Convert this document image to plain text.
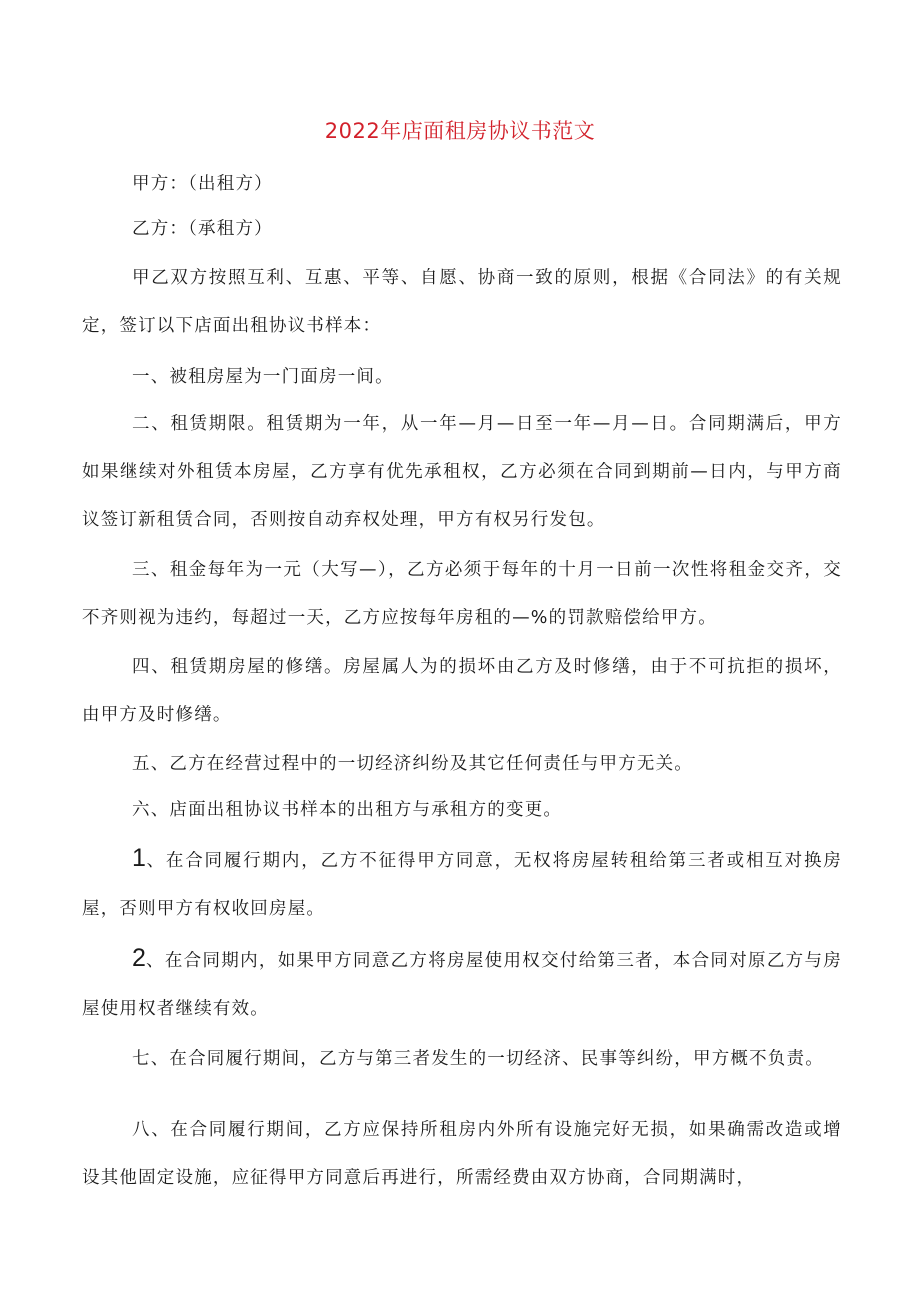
2022年店面租房协议书范文

甲方：（出租方）

乙方：（承租方）

甲乙双方按照互利、互惠、平等、自愿、协商一致的原则，根据《合同法》的有关规定，签订以下店面出租协议书样本：

一、被租房屋为一门面房一间。

二、租赁期限。租赁期为一年，从一年—月—日至一年—月—日。合同期满后，甲方如果继续对外租赁本房屋，乙方享有优先承租权，乙方必须在合同到期前—日内，与甲方商议签订新租赁合同，否则按自动弃权处理，甲方有权另行发包。

三、租金每年为一元（大写—），乙方必须于每年的十月一日前一次性将租金交齐，交不齐则视为违约，每超过一天，乙方应按每年房租的—%的罚款赔偿给甲方。

四、租赁期房屋的修缮。房屋属人为的损坏由乙方及时修缮，由于不可抗拒的损坏，由甲方及时修缮。

五、乙方在经营过程中的一切经济纠纷及其它任何责任与甲方无关。

六、店面出租协议书样本的出租方与承租方的变更。

1、在合同履行期内，乙方不征得甲方同意，无权将房屋转租给第三者或相互对换房屋，否则甲方有权收回房屋。

2、在合同期内，如果甲方同意乙方将房屋使用权交付给第三者，本合同对原乙方与房屋使用权者继续有效。

七、在合同履行期间，乙方与第三者发生的一切经济、民事等纠纷，甲方概不负责。

八、在合同履行期间，乙方应保持所租房内外所有设施完好无损，如果确需改造或增设其他固定设施，应征得甲方同意后再进行，所需经费由双方协商，合同期满时，
